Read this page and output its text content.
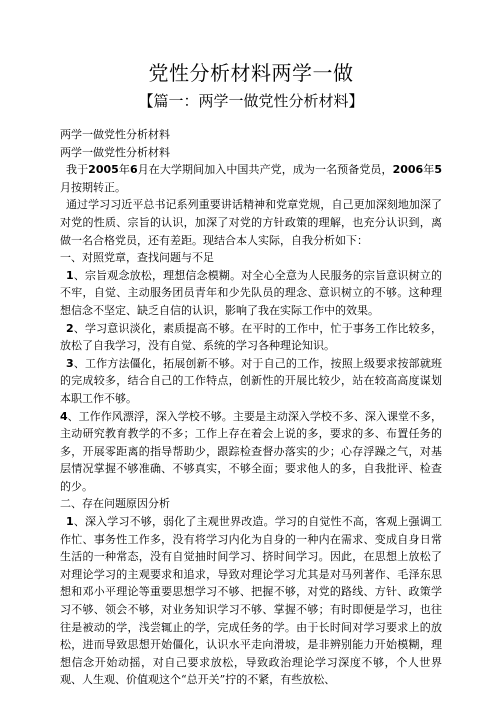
党性分析材料两学一做
【篇一：两学一做党性分析材料】

两学一做党性分析材料

两学一做党性分析材料

我于2005年6月在大学期间加入中国共产党，成为一名预备党员，2006年5月按期转正。

通过学习习近平总书记系列重要讲话精神和党章党规，自己更加深刻地加深了对党的性质、宗旨的认识，加深了对党的方针政策的理解，也充分认识到，离做一名合格党员，还有差距。现结合本人实际，自我分析如下：

一、对照党章，查找问题与不足

1、宗旨观念放松，理想信念模糊。对全心全意为人民服务的宗旨意识树立的不牢，自觉、主动服务团员青年和少先队员的理念、意识树立的不够。这种理想信念不坚定、缺乏自信的认识，影响了我在实际工作中的效果。

2、学习意识淡化，素质提高不够。在平时的工作中，忙于事务工作比较多，放松了自我学习，没有自觉、系统的学习各种理论知识。

3、工作方法僵化，拓展创新不够。对于自己的工作，按照上级要求按部就班的完成较多，结合自己的工作特点，创新性的开展比较少，站在较高高度谋划本职工作不够。

4、工作作风漂浮，深入学校不够。主要是主动深入学校不多、深入课堂不多，主动研究教育教学的不多；工作上存在着会上说的多，要求的多、布置任务的多，开展零距离的指导帮助少，跟踪检查督办落实的少；心存浮躁之气，对基层情况掌握不够准确、不够真实，不够全面；要求他人的多，自我批评、检查的少。

二、存在问题原因分析

1、深入学习不够，弱化了主观世界改造。学习的自觉性不高，客观上强调工作忙、事务性工作多，没有将学习内化为自身的一种内在需求、变成自身日常生活的一种常态，没有自觉抽时间学习、挤时间学习。因此，在思想上放松了对理论学习的主观要求和追求，导致对理论学习尤其是对马列著作、毛泽东思想和邓小平理论等重要思想学习不够、把握不够，对党的路线、方针、政策学习不够、领会不够，对业务知识学习不够、掌握不够；有时即便是学习，也往往是被动的学，浅尝辄止的学，完成任务的学。由于长时间对学习要求上的放松，进而导致思想开始僵化，认识水平走向滑坡，是非辨别能力开始模糊，理想信念开始动摇，对自己要求放松，导致政治理论学习深度不够，个人世界观、人生观、价值观这个“总开关”拧的不紧，有些放松、
